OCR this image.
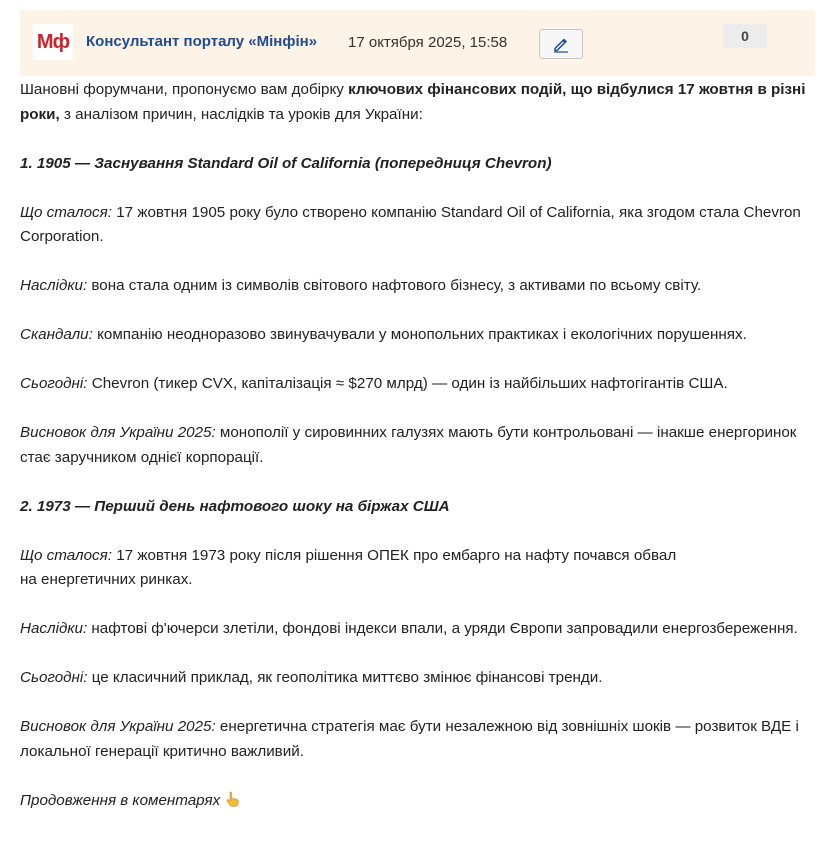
Мф Консультант порталу «Мінфін» 17 октября 2025, 15:58	0

Шановні форумчани, пропонуємо вам добірку ключових фінансових подій, що відбулися 17 жовтня в різні роки, з аналізом причин, наслідків та уроків для України:

1. 1905 — Заснування Standard Oil of California (попередниця Chevron)

Що сталося: 17 жовтня 1905 року було створено компанію Standard Oil of California, яка згодом стала Chevron Corporation.

Наслідки: вона стала одним із символів світового нафтового бізнесу, з активами по всьому світу.

Скандали: компанію неодноразово звинувачували у монопольних практиках і екологічних порушеннях.

Сьогодні: Chevron (тикер CVX, капіталізація ≈ $270 млрд) — один із найбільших нафтогігантів США.

Висновок для України 2025: монополії у сировинних галузях мають бути контрольовані — інакше енергоринок стає заручником однієї корпорації.

2. 1973 — Перший день нафтового шоку на біржах США

Що сталося: 17 жовтня 1973 року після рішення ОПЕК про ембарго на нафту почався обвал
на енергетичних ринках.

Наслідки: нафтові ф'ючерси злетіли, фондові індекси впали, а уряди Європи запровадили енергозбереження.

Сьогодні: це класичний приклад, як геополітика миттєво змінює фінансові тренди.

Висновок для України 2025: енергетична стратегія має бути незалежною від зовнішніх шоків — розвиток ВДЕ і локальної генерації критично важливий.

Продовження в коментарях
